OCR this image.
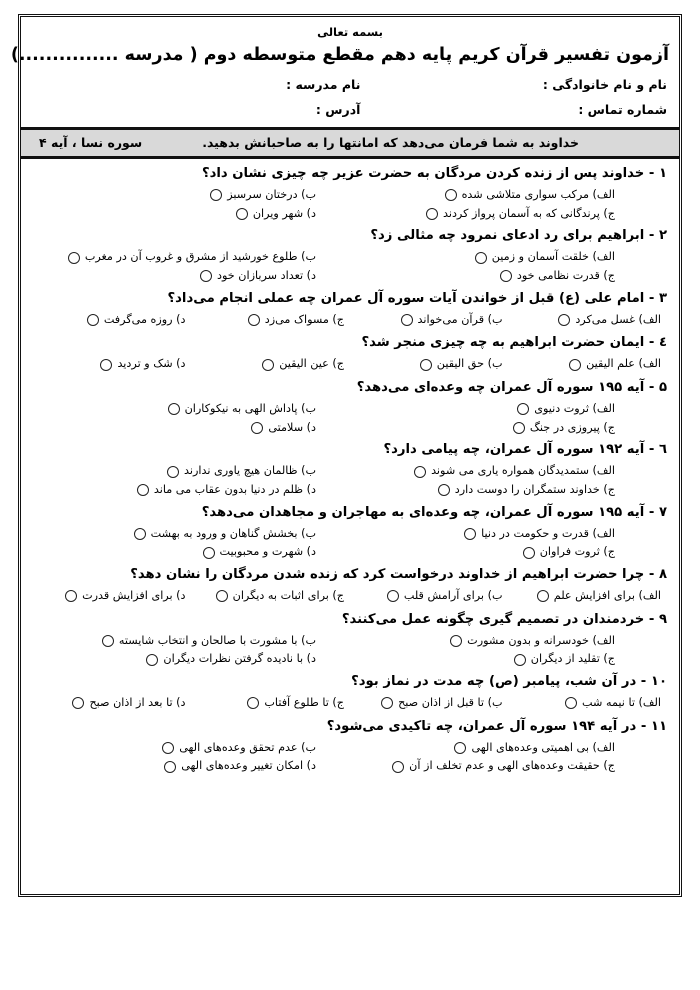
بسمه تعالی
آزمون تفسیر قرآن کریم پایه دهم مقطع متوسطه دوم ( مدرسه ...............)
نام و نام خانوادگی :
نام مدرسه :
شماره تماس :
آدرس :
خداوند به شما فرمان می‌دهد که امانتها را به صاحبانش بدهید.
سوره نسا ، آیه ۴
۱ - خداوند پس از زنده کردن مردگان به حضرت عزیر چه چیزی نشان داد؟
الف) مرکب سواری متلاشی شده
ب) درختان سرسبز
ج) پرندگانی که به آسمان پرواز کردند
د) شهر ویران
۲ - ابراهیم برای رد ادعای نمرود چه مثالی زد؟
الف) خلقت آسمان و زمین
ب) طلوع خورشید از مشرق و غروب آن در مغرب
ج) قدرت نظامی خود
د) تعداد سربازان خود
۳ - امام علی (ع) قبل از خواندن آیات سوره آل عمران چه عملی انجام می‌داد؟
الف) غسل می‌کرد
ب) قرآن می‌خواند
ج) مسواک می‌زد
د) روزه می‌گرفت
٤ - ایمان حضرت ابراهیم به چه چیزی منجر شد؟
الف) علم الیقین
ب) حق الیقین
ج) عین الیقین
د) شک و تردید
۵ - آیه ۱۹۵ سوره آل عمران چه وعده‌ای می‌دهد؟
الف) ثروت دنیوی
ب) پاداش الهی به نیکوکاران
ج) پیروزی در جنگ
د) سلامتی
٦ - آیه ۱۹۲ سوره آل عمران، چه پیامی دارد؟
الف) ستمدیدگان همواره یاری می شوند
ب) ظالمان هیچ یاوری ندارند
ج) خداوند ستمگران را دوست دارد
د) ظلم در دنیا بدون عقاب می ماند
۷ - آیه ۱۹۵ سوره آل عمران، چه وعده‌ای به مهاجران و مجاهدان می‌دهد؟
الف) قدرت و حکومت در دنیا
ب) بخشش گناهان و ورود به بهشت
ج) ثروت فراوان
د) شهرت و محبوبیت
۸ - چرا حضرت ابراهیم از خداوند درخواست کرد که زنده شدن مردگان را نشان دهد؟
الف) برای افزایش علم
ب) برای آرامش قلب
ج) برای اثبات به دیگران
د) برای افزایش قدرت
۹ - خردمندان در تصمیم گیری چگونه عمل می‌کنند؟
الف) خودسرانه و بدون مشورت
ب) با مشورت با صالحان و انتخاب شایسته
ج) تقلید از دیگران
د) با نادیده گرفتن نظرات دیگران
۱۰ - در آن شب، پیامبر (ص) چه مدت در نماز بود؟
الف) تا نیمه شب
ب) تا قبل از اذان صبح
ج) تا طلوع آفتاب
د) تا بعد از اذان صبح
۱۱ - در آیه ۱۹۴ سوره آل عمران، چه تاکیدی می‌شود؟
الف) بی اهمیتی وعده‌های الهی
ب) عدم تحقق وعده‌های الهی
ج) حقیقت وعده‌های الهی و عدم تخلف از آن
د) امکان تغییر وعده‌های الهی
